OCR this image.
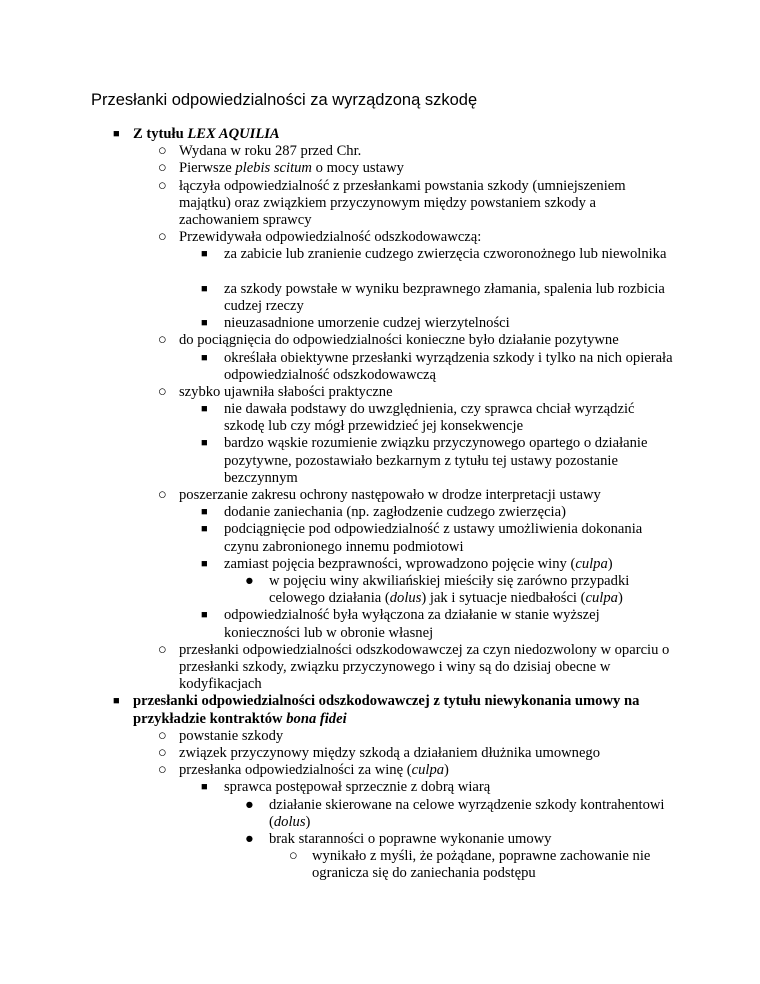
Przesłanki odpowiedzialności za wyrządzoną szkodę
■ Z tytułu LEX AQUILIA
○ Wydana w roku 287 przed Chr.
○ Pierwsze plebis scitum o mocy ustawy
○ łączyła odpowiedzialność z przesłankami powstania szkody (umniejszeniem majątku) oraz związkiem przyczynowym między powstaniem szkody a zachowaniem sprawcy
○ Przewidywała odpowiedzialność odszkodowawczą:
■ za zabicie lub zranienie cudzego zwierzęcia czworonożnego lub niewolnika
■ za szkody powstałe w wyniku bezprawnego złamania, spalenia lub rozbicia cudzej rzeczy
■ nieuzasadnione umorzenie cudzej wierzytelności
○ do pociągnięcia do odpowiedzialności konieczne było działanie pozytywne
■ określała obiektywne przesłanki wyrządzenia szkody i tylko na nich opierała odpowiedzialność odszkodowawczą
○ szybko ujawniła słabości praktyczne
■ nie dawała podstawy do uwzględnienia, czy sprawca chciał wyrządzić szkodę lub czy mógł przewidzieć jej konsekwencje
■ bardzo wąskie rozumienie związku przyczynowego opartego o działanie pozytywne, pozostawiało bezkarnym z tytułu tej ustawy pozostanie bezczynnym
○ poszerzanie zakresu ochrony następowało w drodze interpretacji ustawy
■ dodanie zaniechania (np. zagłodzenie cudzego zwierzęcia)
■ podciągnięcie pod odpowiedzialność z ustawy umożliwienia dokonania czynu zabronionego innemu podmiotowi
■ zamiast pojęcia bezprawności, wprowadzono pojęcie winy (culpa)
● w pojęciu winy akwiliańskiej mieściły się zarówno przypadki celowego działania (dolus) jak i sytuacje niedbałości (culpa)
■ odpowiedzialność była wyłączona za działanie w stanie wyższej konieczności lub w obronie własnej
○ przesłanki odpowiedzialności odszkodowawczej za czyn niedozwolony w oparciu o przesłanki szkody, związku przyczynowego i winy są do dzisiaj obecne w kodyfikacjach
■ przesłanki odpowiedzialności odszkodowawczej z tytułu niewykonania umowy na przykładzie kontraktów bona fidei
○ powstanie szkody
○ związek przyczynowy między szkodą a działaniem dłużnika umownego
○ przesłanka odpowiedzialności za winę (culpa)
■ sprawca postępował sprzecznie z dobrą wiarą
● działanie skierowane na celowe wyrządzenie szkody kontrahentowi (dolus)
● brak staranności o poprawne wykonanie umowy
○ wynikało z myśli, że pożądane, poprawne zachowanie nie ogranicza się do zaniechania podstępu
